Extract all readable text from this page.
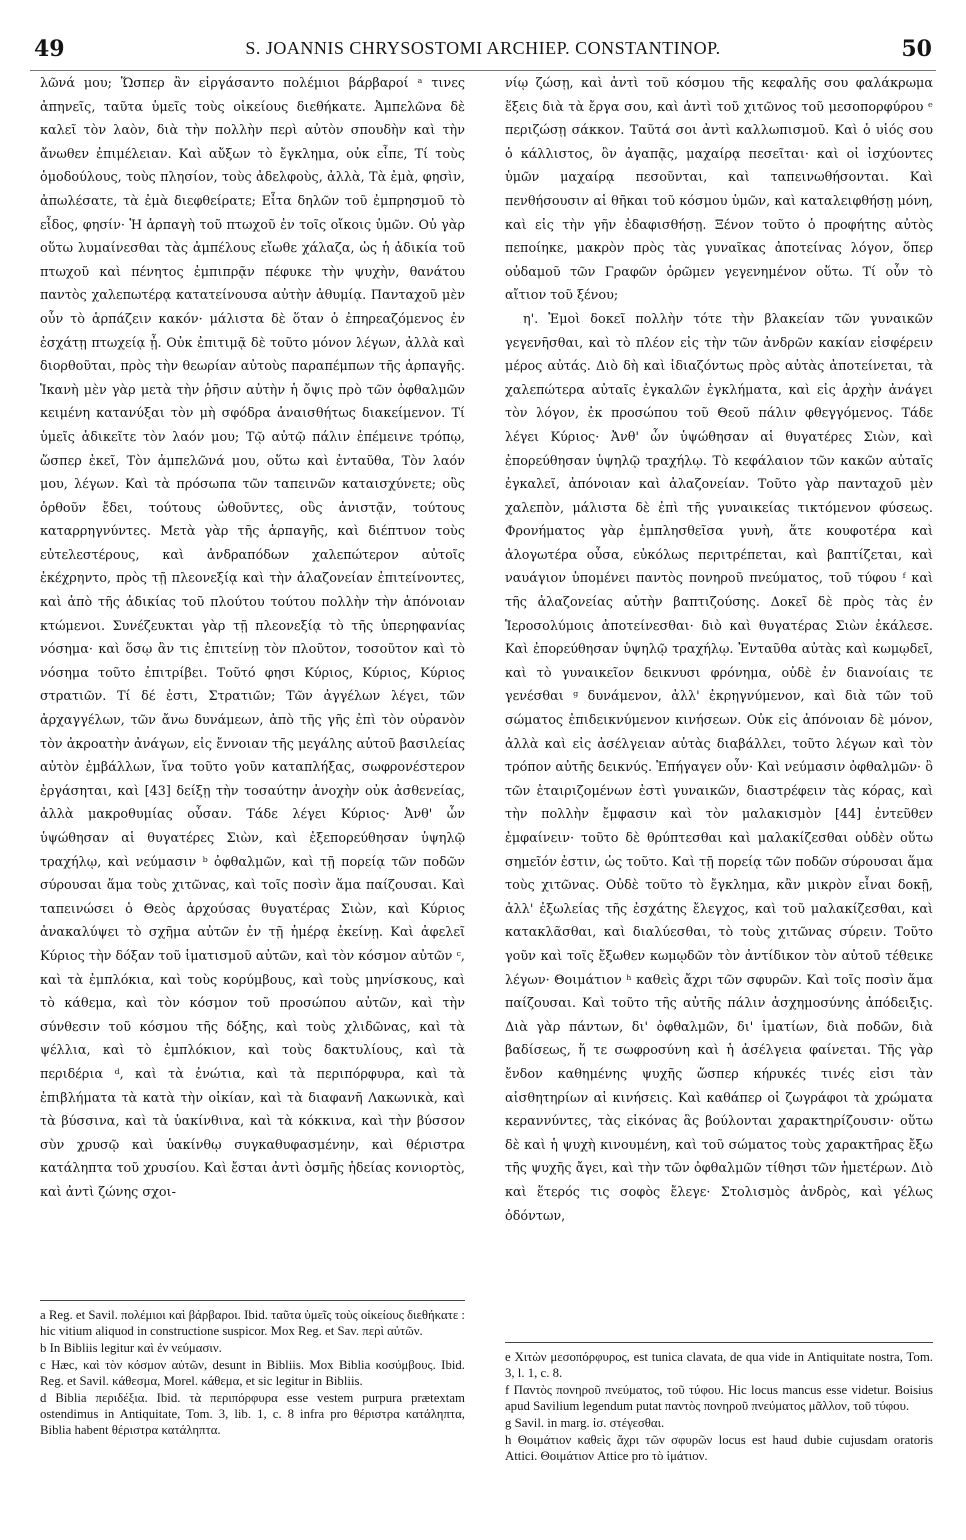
49	S. JOANNIS CHRYSOSTOMI ARCHIEP. CONSTANTINOP.	50

λῶνά μου; Ὥσπερ ἂν εἰργάσαντο πολέμιοι βάρβαροί ᵃ τινες ἀπηνεῖς, ταῦτα ὑμεῖς τοὺς οἰκείους διεθήκατε. Ἀμπελῶνα δὲ καλεῖ τὸν λαὸν, διὰ τὴν πολλὴν περὶ αὐτὸν σπουδὴν καὶ τὴν ἄνωθεν ἐπιμέλειαν. Καὶ αὔξων τὸ ἔγκλημα, οὐκ εἶπε, Τί τοὺς ὁμοδούλους, τοὺς πλησίον, τοὺς ἀδελφοὺς, ἀλλὰ, Τὰ ἐμὰ, φησὶν, ἀπωλέσατε, τὰ ἐμὰ διεφθείρατε; Εἶτα δηλῶν τοῦ ἐμπρησμοῦ τὸ εἶδος, φησίν· Ἡ ἁρπαγὴ τοῦ πτωχοῦ ἐν τοῖς οἴκοις ὑμῶν. Οὐ γὰρ οὕτω λυμαίνεσθαι τὰς ἀμπέλους εἴωθε χάλαζα, ὡς ἡ ἀδικία τοῦ πτωχοῦ καὶ πένητος ἐμπιπρᾷν πέφυκε τὴν ψυχὴν, θανάτου παντὸς χαλεπωτέρᾳ κατατείνουσα αὐτὴν ἀθυμίᾳ. Πανταχοῦ μὲν οὖν τὸ ἁρπάζειν κακόν· μάλιστα δὲ ὅταν ὁ ἐπηρεαζόμενος ἐν ἐσχάτῃ πτωχείᾳ ᾖ. Οὐκ ἐπιτιμᾷ δὲ τοῦτο μόνον λέγων, ἀλλὰ καὶ διορθοῦται, πρὸς τὴν θεωρίαν αὐτοὺς παραπέμπων τῆς ἁρπαγῆς. Ἱκανὴ μὲν γὰρ μετὰ τὴν ῥῆσιν αὐτὴν ἡ ὄψις πρὸ τῶν ὀφθαλμῶν κειμένη κατανύξαι τὸν μὴ σφόδρα ἀναισθήτως διακείμενον. Τί ὑμεῖς ἀδικεῖτε τὸν λαόν μου; Τῷ αὐτῷ πάλιν ἐπέμεινε τρόπῳ, ὥσπερ ἐκεῖ, Τὸν ἀμπελῶνά μου, οὕτω καὶ ἐνταῦθα, Τὸν λαόν μου, λέγων. Καὶ τὰ πρόσωπα τῶν ταπεινῶν καταισχύνετε; οὓς ὀρθοῦν ἔδει, τούτους ὠθοῦντες, οὓς ἀνιστᾷν, τούτους καταρρηγνύντες. Μετὰ γὰρ τῆς ἁρπαγῆς, καὶ διέπτυον τοὺς εὐτελεστέρους, καὶ ἀνδραπόδων χαλεπώτερον αὐτοῖς ἐκέχρηντο, πρὸς τῇ πλεονεξίᾳ καὶ τὴν ἀλαζονείαν ἐπιτείνοντες, καὶ ἀπὸ τῆς ἀδικίας τοῦ πλούτου τούτου πολλὴν τὴν ἀπόνοιαν κτώμενοι. Συνέζευκται γὰρ τῇ πλεονεξίᾳ τὸ τῆς ὑπερηφανίας νόσημα· καὶ ὅσῳ ἂν τις ἐπιτείνῃ τὸν πλοῦτον, τοσοῦτον καὶ τὸ νόσημα τοῦτο ἐπιτρίβει. Τοῦτό φησι Κύριος, Κύριος, Κύριος στρατιῶν. Τί δέ ἐστι, Στρατιῶν; Τῶν ἀγγέλων λέγει, τῶν ἀρχαγγέλων, τῶν ἄνω δυνάμεων, ἀπὸ τῆς γῆς ἐπὶ τὸν οὐρανὸν τὸν ἀκροατὴν ἀνάγων, εἰς ἔννοιαν τῆς μεγάλης αὐτοῦ βασιλείας αὐτὸν ἐμβάλλων, ἵνα τοῦτο γοῦν καταπλήξας, σωφρονέστερον ἐργάσηται, καὶ [43] δείξῃ τὴν τοσαύτην ἀνοχὴν οὐκ ἀσθενείας, ἀλλὰ μακροθυμίας οὖσαν. Τάδε λέγει Κύριος· Ἀνθ' ὧν ὑψώθησαν αἱ θυγατέρες Σιὼν, καὶ ἐξεπορεύθησαν ὑψηλῷ τραχήλῳ, καὶ νεύμασιν ᵇ ὀφθαλμῶν, καὶ τῇ πορείᾳ τῶν ποδῶν σύρουσαι ἅμα τοὺς χιτῶνας, καὶ τοῖς ποσὶν ἅμα παίζουσαι. Καὶ ταπεινώσει ὁ Θεὸς ἀρχούσας θυγατέρας Σιὼν, καὶ Κύριος ἀνακαλύψει τὸ σχῆμα αὐτῶν ἐν τῇ ἡμέρᾳ ἐκείνῃ. Καὶ ἀφελεῖ Κύριος τὴν δόξαν τοῦ ἱματισμοῦ αὐτῶν, καὶ τὸν κόσμον αὐτῶν ᶜ, καὶ τὰ ἐμπλόκια, καὶ τοὺς κορύμβους, καὶ τοὺς μηνίσκους, καὶ τὸ κάθεμα, καὶ τὸν κόσμον τοῦ προσώπου αὐτῶν, καὶ τὴν σύνθεσιν τοῦ κόσμου τῆς δόξης, καὶ τοὺς χλιδῶνας, καὶ τὰ ψέλλια, καὶ τὸ ἐμπλόκιον, καὶ τοὺς δακτυλίους, καὶ τὰ περιδέρια ᵈ, καὶ τὰ ἐνώτια, καὶ τὰ περιπόρφυρα, καὶ τὰ ἐπιβλήματα τὰ κατὰ τὴν οἰκίαν, καὶ τὰ διαφανῆ Λακωνικὰ, καὶ τὰ βύσσινα, καὶ τὰ ὑακίνθινα, καὶ τὰ κόκκινα, καὶ τὴν βύσσον σὺν χρυσῷ καὶ ὑακίνθῳ συγκαθυφασμένην, καὶ θέριστρα κατάληπτα τοῦ χρυσίου. Καὶ ἔσται ἀντὶ ὀσμῆς ἡδείας κονιορτὸς, καὶ ἀντὶ ζώνης σχοι-

a Reg. et Savil. πολέμιοι καὶ βάρβαροι. Ibid. ταῦτα ὑμεῖς τοὺς οἰκείους διεθήκατε : hic vitium aliquod in constructione suspicor. Mox Reg. et Sav. περὶ αὐτῶν.

b In Bibliis legitur καὶ ἐν νεύμασιν.

c Hæc, καὶ τὸν κόσμον αὐτῶν, desunt in Bibliis. Mox Biblia κοσύμβους. Ibid. Reg. et Savil. κάθεσμα, Morel. κάθεμα, et sic legitur in Bibliis.

d Biblia περιδέξια. Ibid. τὰ περιπόρφυρα esse vestem purpura prætextam ostendimus in Antiquitate, Tom. 3, lib. 1, c. 8 infra pro θέριστρα κατάληπτα, Biblia habent θέριστρα κατάληπτα.

νίῳ ζώσῃ, καὶ ἀντὶ τοῦ κόσμου τῆς κεφαλῆς σου φαλάκρωμα ἕξεις διὰ τὰ ἔργα σου, καὶ ἀντὶ τοῦ χιτῶνος τοῦ μεσοπορφύρου ᵉ περιζώσῃ σάκκον. Ταῦτά σοι ἀντὶ καλλωπισμοῦ. Καὶ ὁ υἱός σου ὁ κάλλιστος, ὃν ἀγαπᾷς, μαχαίρᾳ πεσεῖται· καὶ οἱ ἰσχύοντες ὑμῶν μαχαίρᾳ πεσοῦνται, καὶ ταπεινωθήσονται. Καὶ πενθήσουσιν αἱ θῆκαι τοῦ κόσμου ὑμῶν, καὶ καταλειφθήσῃ μόνη, καὶ εἰς τὴν γῆν ἐδαφισθήσῃ. Ξένον τοῦτο ὁ προφήτης αὐτὸς πεποίηκε, μακρὸν πρὸς τὰς γυναῖκας ἀποτείνας λόγον, ὅπερ οὐδαμοῦ τῶν Γραφῶν ὁρῶμεν γεγενημένον οὕτω. Τί οὖν τὸ αἴτιον τοῦ ξένου;

η'. Ἐμοὶ δοκεῖ πολλὴν τότε τὴν βλακείαν τῶν γυναικῶν γεγενῆσθαι, καὶ τὸ πλέον εἰς τὴν τῶν ἀνδρῶν κακίαν εἰσφέρειν μέρος αὐτάς. Διὸ δὴ καὶ ἰδιαζόντως πρὸς αὐτὰς ἀποτείνεται, τὰ χαλεπώτερα αὐταῖς ἐγκαλῶν ἐγκλήματα, καὶ εἰς ἀρχὴν ἀνάγει τὸν λόγον, ἐκ προσώπου τοῦ Θεοῦ πάλιν φθεγγόμενος. Τάδε λέγει Κύριος· Ἀνθ' ὧν ὑψώθησαν αἱ θυγατέρες Σιὼν, καὶ ἐπορεύθησαν ὑψηλῷ τραχήλῳ. Τὸ κεφάλαιον τῶν κακῶν αὐταῖς ἐγκαλεῖ, ἀπόνοιαν καὶ ἀλαζονείαν. Τοῦτο γὰρ πανταχοῦ μὲν χαλεπὸν, μάλιστα δὲ ἐπὶ τῆς γυναικείας τικτόμενον φύσεως. Φρονήματος γὰρ ἐμπλησθεῖσα γυνὴ, ἅτε κουφοτέρα καὶ ἀλογωτέρα οὖσα, εὐκόλως περιτρέπεται, καὶ βαπτίζεται, καὶ ναυάγιον ὑπομένει παντὸς πονηροῦ πνεύματος, τοῦ τύφου ᶠ καὶ τῆς ἀλαζονείας αὐτὴν βαπτιζούσης. Δοκεῖ δὲ πρὸς τὰς ἐν Ἱεροσολύμοις ἀποτείνεσθαι· διὸ καὶ θυγατέρας Σιὼν ἐκάλεσε. Καὶ ἐπορεύθησαν ὑψηλῷ τραχήλῳ. Ἐνταῦθα αὐτὰς καὶ κωμῳδεῖ, καὶ τὸ γυναικεῖον δεικνυσι φρόνημα, οὐδὲ ἐν διανοίαις τε γενέσθαι ᵍ δυνάμενον, ἀλλ' ἐκρηγνύμενον, καὶ διὰ τῶν τοῦ σώματος ἐπιδεικνύμενον κινήσεων. Οὐκ εἰς ἀπόνοιαν δὲ μόνον, ἀλλὰ καὶ εἰς ἀσέλγειαν αὐτὰς διαβάλλει, τοῦτο λέγων καὶ τὸν τρόπον αὐτῆς δεικνύς. Ἐπήγαγεν οὖν· Καὶ νεύμασιν ὀφθαλμῶν· ὃ τῶν ἑταιριζομένων ἐστὶ γυναικῶν, διαστρέφειν τὰς κόρας, καὶ τὴν πολλὴν ἔμφασιν καὶ τὸν μαλακισμὸν [44] ἐντεῦθεν ἐμφαίνειν· τοῦτο δὲ θρύπτεσθαι καὶ μαλακίζεσθαι οὐδὲν οὕτω σημεῖόν ἐστιν, ὡς τοῦτο. Καὶ τῇ πορείᾳ τῶν ποδῶν σύρουσαι ἅμα τοὺς χιτῶνας. Οὐδὲ τοῦτο τὸ ἔγκλημα, κἂν μικρὸν εἶναι δοκῇ, ἀλλ' ἐξωλείας τῆς ἐσχάτης ἔλεγχος, καὶ τοῦ μαλακίζεσθαι, καὶ κατακλᾶσθαι, καὶ διαλύεσθαι, τὸ τοὺς χιτῶνας σύρειν. Τοῦτο γοῦν καὶ τοῖς ἔξωθεν κωμῳδῶν τὸν ἀντίδικον τὸν αὐτοῦ τέθεικε λέγων· Θοιμάτιον ʰ καθεὶς ἄχρι τῶν σφυρῶν. Καὶ τοῖς ποσὶν ἅμα παίζουσαι. Καὶ τοῦτο τῆς αὐτῆς πάλιν ἀσχημοσύνης ἀπόδειξις. Διὰ γὰρ πάντων, δι' ὀφθαλμῶν, δι' ἱματίων, διὰ ποδῶν, διὰ βαδίσεως, ἥ τε σωφροσύνη καὶ ἡ ἀσέλγεια φαίνεται. Τῆς γὰρ ἔνδον καθημένης ψυχῆς ὥσπερ κήρυκές τινές εἰσι τὰν αἰσθητηρίων αἱ κινήσεις. Καὶ καθάπερ οἱ ζωγράφοι τὰ χρώματα κεραννύντες, τὰς εἰκόνας ἃς βούλονται χαρακτηρίζουσιν· οὕτω δὲ καὶ ἡ ψυχὴ κινουμένη, καὶ τοῦ σώματος τοὺς χαρακτῆρας ἔξω τῆς ψυχῆς ἄγει, καὶ τὴν τῶν ὀφθαλμῶν τίθησι τῶν ἡμετέρων. Διὸ καὶ ἕτερός τις σοφὸς ἔλεγε· Στολισμὸς ἀνδρὸς, καὶ γέλως ὀδόντων,

e Χιτὼν μεσοπόρφυρος, est tunica clavata, de qua vide in Antiquitate nostra, Tom. 3, l. 1, c. 8.

f Παντὸς πονηροῦ πνεύματος, τοῦ τύφου. Hic locus mancus esse videtur. Boisius apud Savilium legendum putat παντὸς πονηροῦ πνεύματος μᾶλλον, τοῦ τύφου.

g Savil. in marg. ἰσ. στέγεσθαι.

h Θοιμάτιον καθεὶς ἄχρι τῶν σφυρῶν locus est haud dubie cujusdam oratoris Attici. Θοιμάτιον Attice pro τὸ ἱμάτιον.
